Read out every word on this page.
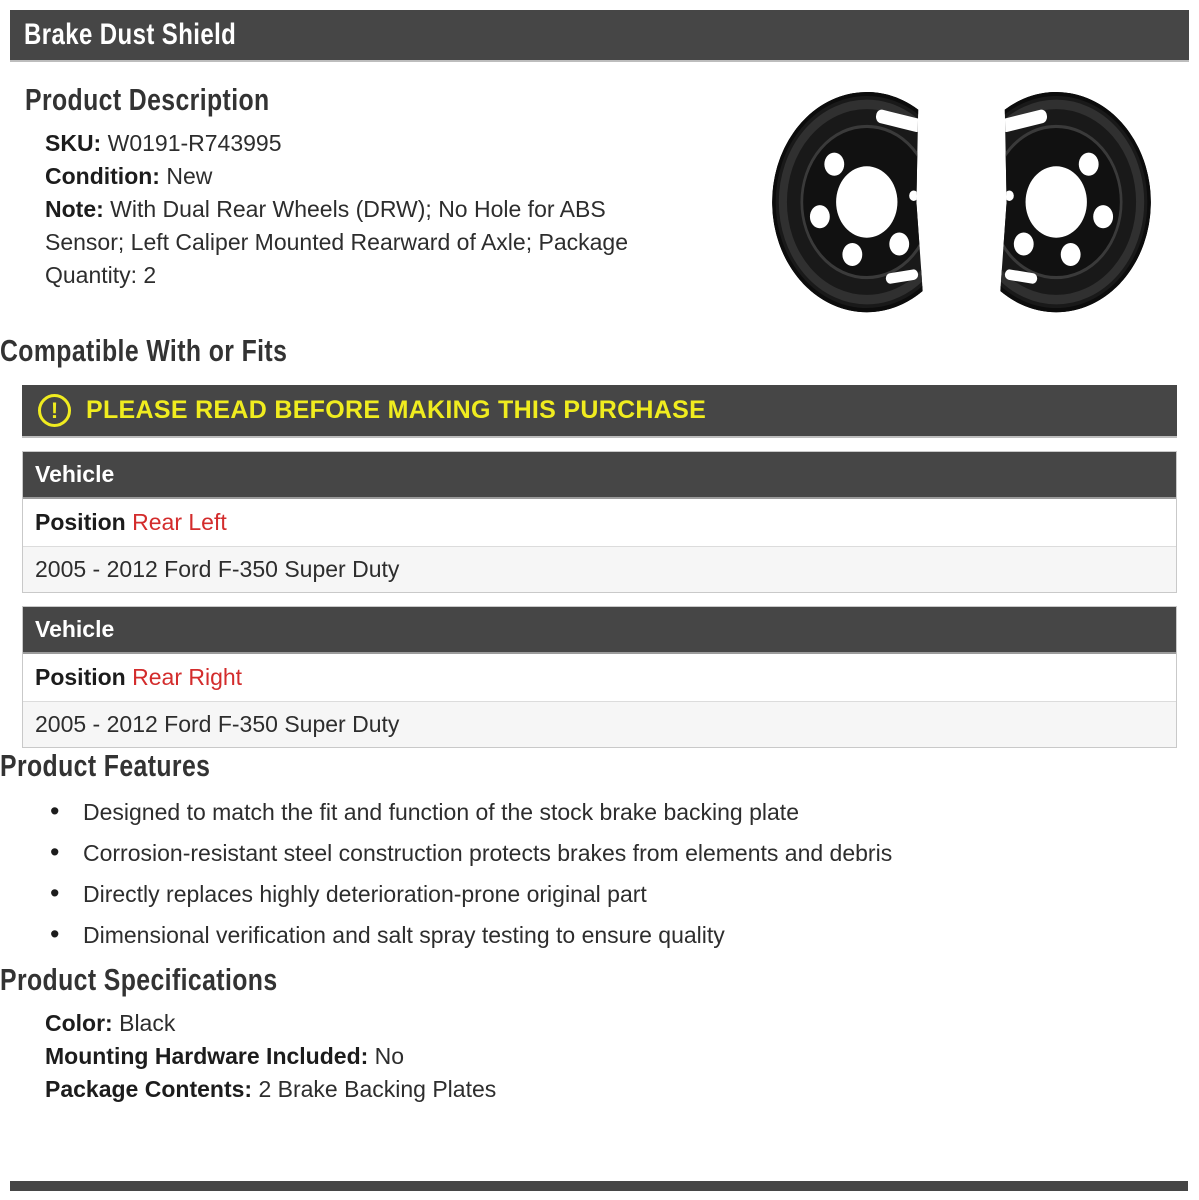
Brake Dust Shield
Product Description
SKU: W0191-R743995
Condition: New
Note: With Dual Rear Wheels (DRW); No Hole for ABS Sensor; Left Caliper Mounted Rearward of Axle; Package Quantity: 2
Compatible With or Fits
!	PLEASE READ BEFORE MAKING THIS PURCHASE
Vehicle
Position Rear Left
2005 - 2012 Ford F-350 Super Duty
Vehicle
Position Rear Right
2005 - 2012 Ford F-350 Super Duty
Product Features
• Designed to match the fit and function of the stock brake backing plate
• Corrosion-resistant steel construction protects brakes from elements and debris
• Directly replaces highly deterioration-prone original part
• Dimensional verification and salt spray testing to ensure quality
Product Specifications
Color: Black
Mounting Hardware Included: No
Package Contents: 2 Brake Backing Plates
